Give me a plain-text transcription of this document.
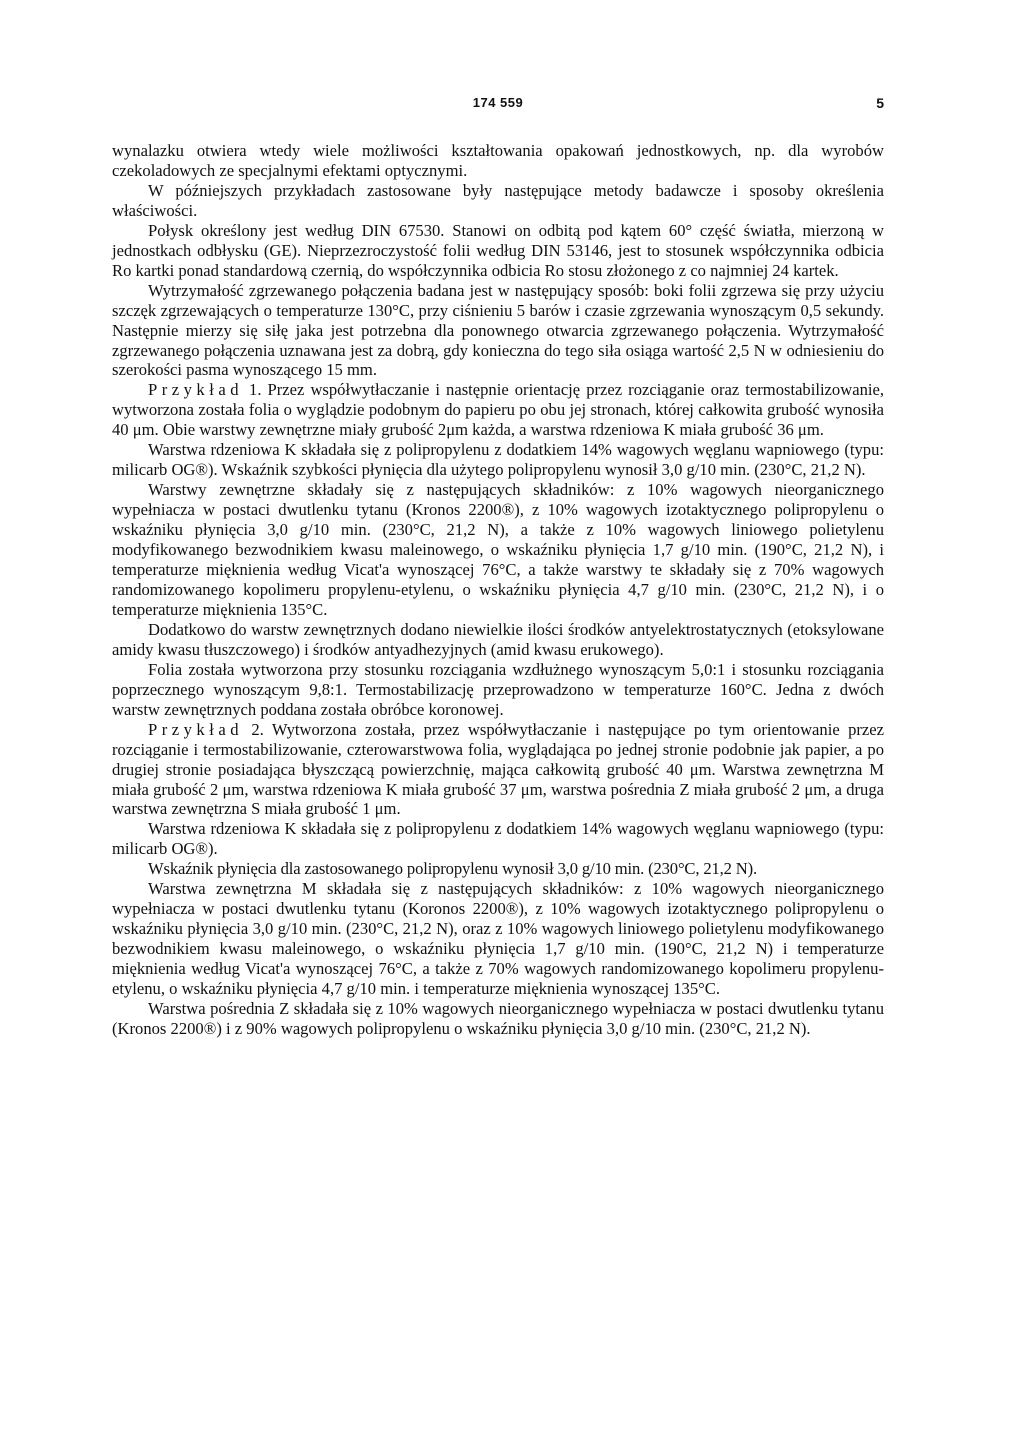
174 559	5

wynalazku otwiera wtedy wiele możliwości kształtowania opakowań jednostkowych, np. dla wyrobów czekoladowych ze specjalnymi efektami optycznymi.

W późniejszych przykładach zastosowane były następujące metody badawcze i sposoby określenia właściwości.

Połysk określony jest według DIN 67530. Stanowi on odbitą pod kątem 60° część światła, mierzoną w jednostkach odbłysku (GE). Nieprzezroczystość folii według DIN 53146, jest to stosunek współczynnika odbicia Ro kartki ponad standardową czernią, do współczynnika odbicia Ro stosu złożonego z co najmniej 24 kartek.

Wytrzymałość zgrzewanego połączenia badana jest w następujący sposób: boki folii zgrzewa się przy użyciu szczęk zgrzewających o temperaturze 130°C, przy ciśnieniu 5 barów i czasie zgrzewania wynoszącym 0,5 sekundy. Następnie mierzy się siłę jaka jest potrzebna dla ponownego otwarcia zgrzewanego połączenia. Wytrzymałość zgrzewanego połączenia uznawana jest za dobrą, gdy konieczna do tego siła osiąga wartość 2,5 N w odniesieniu do szerokości pasma wynoszącego 15 mm.

Przykład 1. Przez współwytłaczanie i następnie orientację przez rozciąganie oraz termostabilizowanie, wytworzona została folia o wyglądzie podobnym do papieru po obu jej stronach, której całkowita grubość wynosiła 40 μm. Obie warstwy zewnętrzne miały grubość 2μm każda, a warstwa rdzeniowa K miała grubość 36 μm.

Warstwa rdzeniowa K składała się z polipropylenu z dodatkiem 14% wagowych węglanu wapniowego (typu: milicarb OG®). Wskaźnik szybkości płynięcia dla użytego polipropylenu wynosił 3,0 g/10 min. (230°C, 21,2 N).

Warstwy zewnętrzne składały się z następujących składników: z 10% wagowych nieorganicznego wypełniacza w postaci dwutlenku tytanu (Kronos 2200®), z 10% wagowych izotaktycznego polipropylenu o wskaźniku płynięcia 3,0 g/10 min. (230°C, 21,2 N), a także z 10% wagowych liniowego polietylenu modyfikowanego bezwodnikiem kwasu maleinowego, o wskaźniku płynięcia 1,7 g/10 min. (190°C, 21,2 N), i temperaturze mięknienia według Vicat'a wynoszącej 76°C, a także warstwy te składały się z 70% wagowych randomizowanego kopolimeru propylenu-etylenu, o wskaźniku płynięcia 4,7 g/10 min. (230°C, 21,2 N), i o temperaturze mięknienia 135°C.

Dodatkowo do warstw zewnętrznych dodano niewielkie ilości środków antyelektrostatycznych (etoksylowane amidy kwasu tłuszczowego) i środków antyadhezyjnych (amid kwasu erukowego).

Folia została wytworzona przy stosunku rozciągania wzdłużnego wynoszącym 5,0:1 i stosunku rozciągania poprzecznego wynoszącym 9,8:1. Termostabilizację przeprowadzono w temperaturze 160°C. Jedna z dwóch warstw zewnętrznych poddana została obróbce koronowej.

Przykład 2. Wytworzona została, przez współwytłaczanie i następujące po tym orientowanie przez rozciąganie i termostabilizowanie, czterowarstwowa folia, wyglądająca po jednej stronie podobnie jak papier, a po drugiej stronie posiadająca błyszczącą powierzchnię, mająca całkowitą grubość 40 μm. Warstwa zewnętrzna M miała grubość 2 μm, warstwa rdzeniowa K miała grubość 37 μm, warstwa pośrednia Z miała grubość 2 μm, a druga warstwa zewnętrzna S miała grubość 1 μm.

Warstwa rdzeniowa K składała się z polipropylenu z dodatkiem 14% wagowych węglanu wapniowego (typu: milicarb OG®).

Wskaźnik płynięcia dla zastosowanego polipropylenu wynosił 3,0 g/10 min. (230°C, 21,2 N).

Warstwa zewnętrzna M składała się z następujących składników: z 10% wagowych nieorganicznego wypełniacza w postaci dwutlenku tytanu (Koronos 2200®), z 10% wagowych izotaktycznego polipropylenu o wskaźniku płynięcia 3,0 g/10 min. (230°C, 21,2 N), oraz z 10% wagowych liniowego polietylenu modyfikowanego bezwodnikiem kwasu maleinowego, o wskaźniku płynięcia 1,7 g/10 min. (190°C, 21,2 N) i temperaturze mięknienia według Vicat'a wynoszącej 76°C, a także z 70% wagowych randomizowanego kopolimeru propylenu-etylenu, o wskaźniku płynięcia 4,7 g/10 min. i temperaturze mięknienia wynoszącej 135°C.

Warstwa pośrednia Z składała się z 10% wagowych nieorganicznego wypełniacza w postaci dwutlenku tytanu (Kronos 2200®) i z 90% wagowych polipropylenu o wskaźniku płynięcia 3,0 g/10 min. (230°C, 21,2 N).
